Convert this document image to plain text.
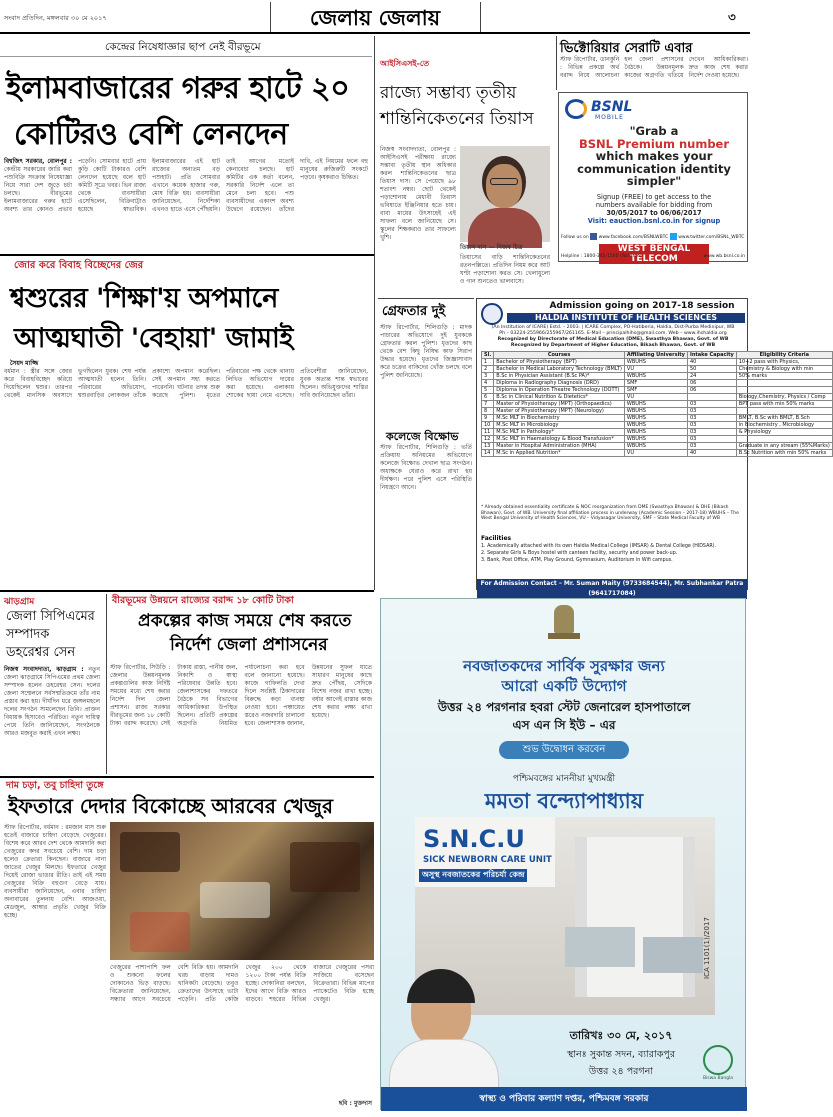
সংবাদ প্রতিদিন, মঙ্গলবার ৩০ মে ২০১৭	জেলায় জেলায়	৩
কেন্দ্রের নিষেধাজ্ঞার ছাপ নেই বীরভূমে
ইলামবাজারের গরুর হাটে ২০
কোটিরও বেশি লেনদেন
বিশ্বজিৎ সরকার, বোলপুর : কেন্দ্রীয় সরকারের জারি করা পশুবিক্রি সংক্রান্ত নিষেধাজ্ঞা নিয়ে সারা দেশ জুড়ে চর্চা চলছে। বীরভূমের ইলামবাজারের গরুর হাটে অবশ্য তার কোনও প্রভাব পড়েনি। সোমবার হাটে প্রায় কুড়ি কোটি টাকারও বেশি লেনদেন হয়েছে বলে হাট কমিটি সূত্রে খবর। ভিন রাজ্য থেকে ব্যবসায়ীরা এসেছিলেন, বিক্রিবাট্টাও হয়েছে স্বাভাবিক। ইলামবাজারের এই হাট রাজ্যের অন্যতম বড় পশুহাট। প্রতি সোমবার এখানে কয়েক হাজার গরু, মোষ বিক্রি হয়। ব্যবসায়ীরা জানিয়েছেন, নির্দেশিকা এখনও হাতে এসে পৌঁছয়নি। তাই আগের মতোই কেনাবেচা চলছে। হাট কমিটির এক কর্তা বলেন, সরকারি নির্দেশ এলে তা মেনে চলা হবে। পশু ব্যবসায়ীদের একাংশ অবশ্য উদ্বেগে রয়েছেন। তাঁদের দাবি, এই নিয়মের ফলে বহু মানুষের রুজিরুটি সংকটে পড়বে। কৃষকরাও চিন্তিত।
আইসিএসই-তে
রাজ্যে সম্ভাব্য তৃতীয়
শান্তিনিকেতনের তিয়াস
নিজস্ব সংবাদদাতা, বোলপুর : আইসিএসই পরীক্ষায় রাজ্যে সম্ভাব্য তৃতীয় স্থান অধিকার করল শান্তিনিকেতনের ছাত্র তিয়াস দাস। সে পেয়েছে ৯৮ শতাংশ নম্বর। ছোট থেকেই পড়াশোনায় মেধাবী তিয়াস ভবিষ্যতে ইঞ্জিনিয়ার হতে চায়। বাবা মায়ের উৎসাহেই এই সাফল্য বলে জানিয়েছে সে। স্কুলের শিক্ষকরাও তার সাফল্যে খুশি।
তিয়াস দাস — নিজস্ব চিত্র
তিয়াসের বাড়ি শান্তিনিকেতনের রতনপল্লিতে। প্রতিদিন নিয়ম করে আট ঘণ্টা পড়াশোনা করত সে। খেলাধুলো ও গান শুনতেও ভালবাসে।
ভিক্টোরিয়ার সেরাটি এবার
স্টাফ রিপোর্টার, ডানকুনি : বিভিন্ন প্রকল্পে অর্থ বরাদ্দ নিয়ে আলোচনা হল জেলা প্রশাসনের বৈঠকে। উন্নয়নমূলক কাজের অগ্রগতি খতিয়ে দেখেন আধিকারিকরা। দ্রুত কাজ শেষ করার নির্দেশ দেওয়া হয়েছে।
BSNL
MOBILE
"Grab a
BSNL Premium number
which makes your
communication identity
simpler"
Signup (FREE) to get access to the
numbers available for bidding from
30/05/2017 to 06/06/2017
Visit: eauction.bsnl.co.in for signup
Follow us on www.facebook.com/BSNLWBTC www.twitter.com/BSNL_WBTC
WEST BENGAL TELECOM
Helpline : 1800-345-1500 (Toll Free)	www.wb.bsnl.co.in
জোর করে বিবাহ বিচ্ছেদের জের
শ্বশুরের 'শিক্ষা'য় অপমানে
আত্মঘাতী 'বেহায়া' জামাই
সৈয়দ মাজ্জি
বর্ধমান : স্ত্রীর সঙ্গে জোর করে বিবাহবিচ্ছেদ করিয়ে দিয়েছিলেন শ্বশুর। তারপর থেকেই মানসিক অবসাদে ভুগছিলেন যুবক। শেষ পর্যন্ত আত্মঘাতী হলেন তিনি। পরিবারের অভিযোগ, শ্বশুরবাড়ির লোকজন তাঁকে প্রকাশ্যে অপমান করেছিল। সেই অপমান সহ্য করতে পারেননি। ঘটনার তদন্ত শুরু করেছে পুলিশ। মৃতের পরিবারের পক্ষ থেকে থানায় লিখিত অভিযোগ দায়ের করা হয়েছে। এলাকায় শোকের ছায়া নেমে এসেছে। প্রতিবেশীরা জানিয়েছেন, যুবক অত্যন্ত শান্ত স্বভাবের ছিলেন। অভিযুক্তদের শাস্তির দাবি জানিয়েছেন তাঁরা।
গ্রেফতার দুই
স্টাফ রিপোর্টার, শিলিগুড়ি : মাদক পাচারের অভিযোগে দুই যুবককে গ্রেফতার করল পুলিশ। ধৃতদের কাছ থেকে বেশ কিছু নিষিদ্ধ কাফ সিরাপ উদ্ধার হয়েছে। ধৃতদের জিজ্ঞাসাবাদ করে চক্রের বাকিদের খোঁজ চলছে বলে পুলিশ জানিয়েছে।
কলেজে বিক্ষোভ
স্টাফ রিপোর্টার, শিলিগুড়ি : ভর্তি প্রক্রিয়ায় অনিয়মের অভিযোগে কলেজে বিক্ষোভ দেখাল ছাত্র সংগঠন। অধ্যক্ষকে ঘেরাও করে রাখা হয় দীর্ঘক্ষণ। পরে পুলিশ এসে পরিস্থিতি নিয়ন্ত্রণে আনে।
Admission going on 2017-18 session
HALDIA INSTITUTE OF HEALTH SCIENCES
(An Institution of ICARE) Estd. – 2003. | ICARE Complex, PO-Hatiberia, Haldia, Dist-Purba Medinipur, WB
Ph – 03224-255966/255967/261165. E-Mail – principalhihs@gmail.com. Web – www.ihshaldia.org
Recognized by Directorate of Medical Education (DME), Swasthya Bhawan, Govt. of WB
Recognized by Department of Higher Education, Bikash Bhawan, Govt. of WB
Sl.	Courses	Affiliating University	Intake Capacity	Eligibility Criteria
1	Bachelor of Physiotherapy (BPT)	WBUHS	40	10+2 pass with Physics,
2	Bachelor in Medical Laboratory Technology (BMLT)	VU	50	Chemistry & Biology with min
3	B.Sc in Physician Assistant (B.Sc PA)*	WBUHS	24	50% marks
4	Diploma in Radiography Diagnosis (DRD)	SMF	06	
5	Diploma in Operation Theatre Technology (DOTT)	SMF	06	
6	B.Sc in Clinical Nutrition & Dietetics*	VU		Biology,Chemistry, Physics / Comp
7	Master of Physiotherapy (MPT) (Orthopaedics)	WBUHS	03	BPT pass with min 50% marks
8	Master of Physiotherapy (MPT) (Neurology)	WBUHS	03	
9	M.Sc MLT in Biochemistry	WBUHS	03	BMLT, B.Sc with BMLT, B.Sch
10	M.Sc MLT in Microbiology	WBUHS	03	in Biochemistry , Microbiology
11	M.Sc MLT in Pathology*	WBUHS	03	& Physiology
12	M.Sc MLT in Haematology & Blood Transfusion*	WBUHS	03	
13	Master in Hospital Administration (MHA)	WBUHS	03	Graduate in any stream (55%Marks)
14	M.Sc in Applied Nutrition*	VU	40	B.Sc Nutrition with min 50% marks
* Already obtained essentiality certificate & NOC reorganization from DME (Swasthya Bhawan) & DHE (Bikash Bhawan), Govt. of WB. University final affiliation process in underway (Academic Session – 2017-18) WBUHS – The West Bengal University of Health Sciences, VU – Vidyasagar University, SMF – State Medical Faculty of WB
Facilities
1. Academically attached with its own Haldia Medical College (IMSAR) & Dental College (HIDSAR).
2. Separate Girls & Boys hostel with canteen facility, security and power back-up.
3. Bank, Post Office, ATM, Play Ground, Gymnasium, Auditorium in Wifi campus.
For Admission Contact – Mr. Suman Maity (9733684544), Mr. Subhankar Patra (9641717084)
ঝাড়গ্রাম
জেলা সিপিএমের
সম্পাদক
ডহরেশ্বর সেন
নিজস্ব সংবাদদাতা, ঝাড়গ্রাম : নতুন জেলা ঝাড়গ্রামে সিপিএমের প্রথম জেলা সম্পাদক হলেন ডহরেশ্বর সেন। দলের জেলা সম্মেলনে সর্বসম্মতিক্রমে তাঁর নাম প্রস্তাব করা হয়। দীর্ঘদিন ধরে জঙ্গলমহলে দলের সংগঠন সামলেছেন তিনি। প্রাক্তন বিধায়ক হিসাবেও পরিচিত। নতুন দায়িত্ব পেয়ে তিনি জানিয়েছেন, সংগঠনকে আরও মজবুত করাই এখন লক্ষ্য।
বীরভূমের উন্নয়নে রাজ্যের বরাদ্দ ১৮ কোটি টাকা
প্রকল্পের কাজ সময়ে শেষ করতে
নির্দেশ জেলা প্রশাসনের
স্টাফ রিপোর্টার, সিউড়ি : জেলার উন্নয়নমূলক প্রকল্পগুলির কাজ নির্দিষ্ট সময়ের মধ্যে শেষ করার নির্দেশ দিল জেলা প্রশাসন। রাজ্য সরকার বীরভূমের জন্য ১৮ কোটি টাকা বরাদ্দ করেছে। সেই টাকায় রাস্তা, পানীয় জল, নিকাশি ও স্বাস্থ্য পরিষেবার উন্নতি হবে। জেলাশাসকের দফতরে বৈঠকে সব বিভাগের আধিকারিকরা উপস্থিত ছিলেন। প্রতিটি প্রকল্পের অগ্রগতি নিয়মিত পর্যালোচনা করা হবে বলে জানানো হয়েছে। কাজে গাফিলতি দেখা দিলে সংশ্লিষ্ট ঠিকাদারের বিরুদ্ধে কড়া ব্যবস্থা নেওয়া হবে। পঞ্চায়েত স্তরেও নজরদারি চালানো হবে। জেলাশাসক জানান, উন্নয়নের সুফল যাতে সাধারণ মানুষের কাছে দ্রুত পৌঁছয়, সেদিকে বিশেষ নজর রাখা হচ্ছে। বর্ষার আগেই রাস্তার কাজ শেষ করার লক্ষ্য রাখা হয়েছে।
নবজাতকদের সার্বিক সুরক্ষার জন্য
আরো একটি উদ্যোগ
উত্তর ২৪ পরগনার হবরা স্টেট জেনারেল হাসপাতালে
এস এন সি ইউ – এর
শুভ উদ্বোধন করবেন
পশ্চিমবঙ্গের মাননীয়া মুখ্যমন্ত্রী
মমতা বন্দ্যোপাধ্যায়
S.N.C.U
SICK NEWBORN CARE UNIT
অসুস্থ নবজাতকের পরিচর্যা কেন্দ্র
তারিখঃ ৩০ মে, ২০১৭
স্থানঃ সুকান্ত সদন, ব্যারাকপুর
উত্তর ২৪ পরগনা
Biswa Bangla
ICA 1101(1)/2017
স্বাস্থ্য ও পরিবার কল্যাণ দপ্তর, পশ্চিমবঙ্গ সরকার
দাম চড়া, তবু চাহিদা তুঙ্গে
ইফতারে দেদার বিকোচ্ছে আরবের খেজুর
স্টাফ রিপোর্টার, বর্ধমান : রমজান মাস শুরু হতেই বাজারে চাহিদা বেড়েছে খেজুরের। বিশেষ করে আরব দেশ থেকে আমদানি করা খেজুরের কদর সবচেয়ে বেশি। দাম চড়া হলেও ক্রেতারা কিনছেন। বাজারে নানা জাতের খেজুর মিলছে। ইফতারে খেজুর দিয়েই রোজা ভাঙার রীতি। তাই এই সময় খেজুরের বিক্রি বহুগুণ বেড়ে যায়। ব্যবসায়ীরা জানিয়েছেন, এবার চাহিদা অন্যবারের তুলনায় বেশি। আজওয়া, মেডজুল, আম্বার প্রভৃতি খেজুর বিক্রি হচ্ছে।
ছবি : মুক্তদাস
খেজুরের পাশাপাশি ফল ও শুকনো ফলের দোকানেও ভিড় বাড়ছে। বিক্রেতারা জানিয়েছেন, সন্ধ্যার আগে সবচেয়ে বেশি বিক্রি হয়। আমদানি খরচ বাড়ায় দামও খানিকটা বেড়েছে। তবুও ক্রেতাদের উৎসাহে ভাটা পড়েনি। প্রতি কেজি খেজুর ২০০ থেকে ১২০০ টাকা পর্যন্ত বিক্রি হচ্ছে। দোকানিরা বলছেন, ইদের আগে বিক্রি আরও বাড়বে। শহরের বিভিন্ন বাজারে খেজুরের পসরা সাজিয়ে বসেছেন বিক্রেতারা। বিভিন্ন মাপের প্যাকেটেও বিক্রি হচ্ছে খেজুর।
